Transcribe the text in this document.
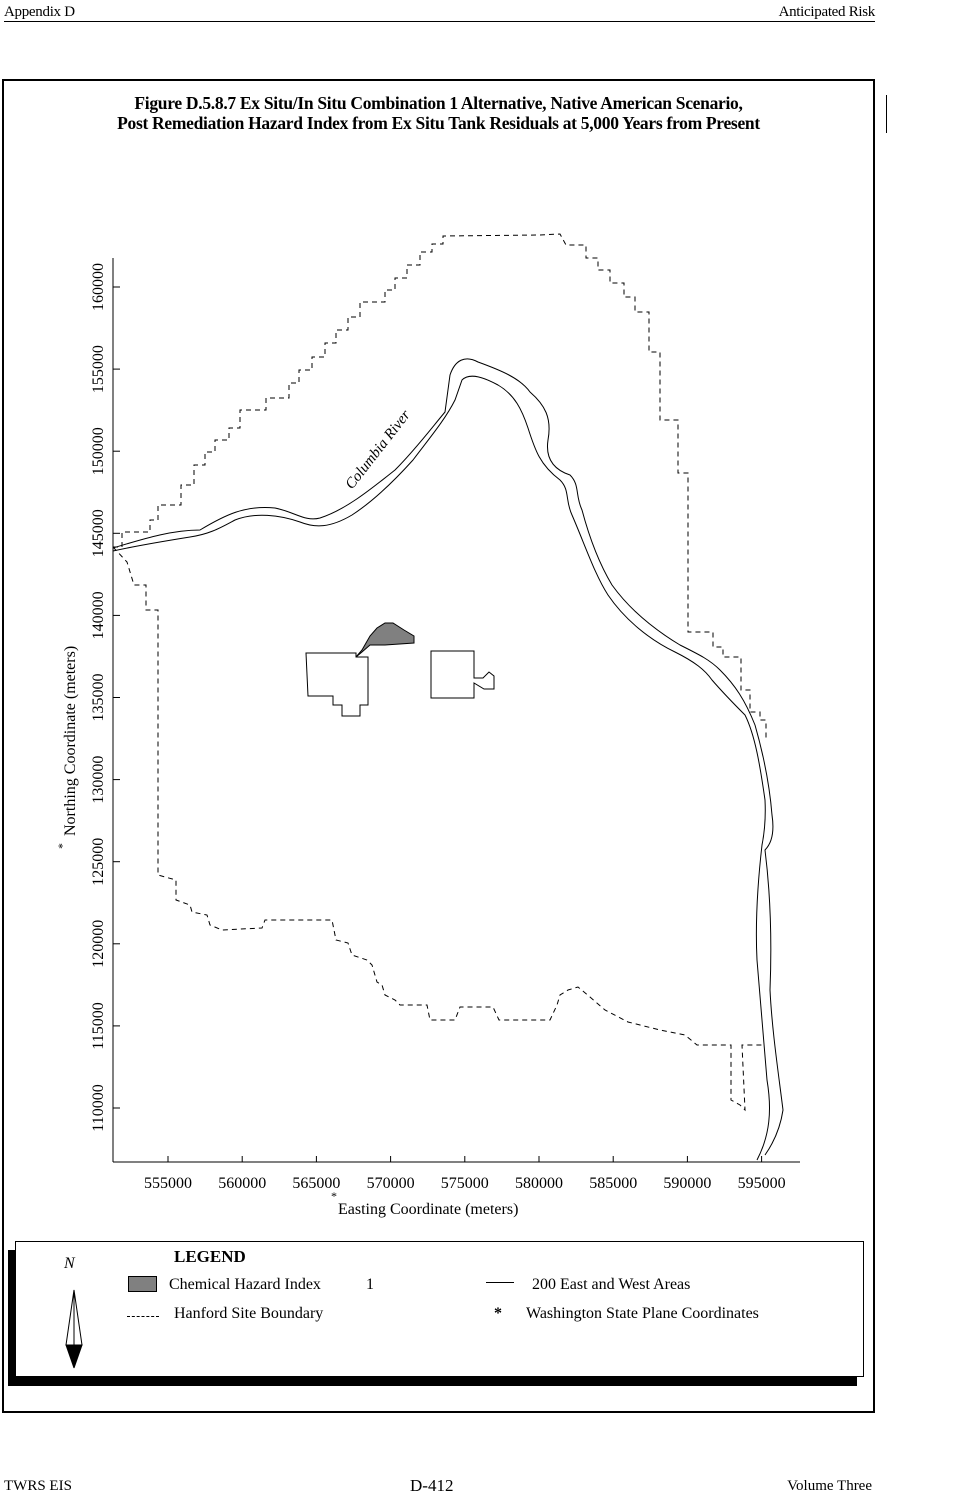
Appendix D	Anticipated Risk
Figure D.5.8.7 Ex Situ/In Situ Combination 1 Alternative, Native American Scenario,
Post Remediation Hazard Index from Ex Situ Tank Residuals at 5,000 Years from Present
555000 560000 565000 570000 575000 580000 585000 590000 595000
110000
115000
120000
125000
130000
135000
140000
145000
150000
155000
160000
Columbia River
*
Easting Coordinate (meters)
Northing Coordinate (meters)
*
N	LEGEND
Chemical Hazard Index	1
Hanford Site Boundary
200 East and West Areas
* Washington State Plane Coordinates
TWRS EIS	D-412	Volume Three
